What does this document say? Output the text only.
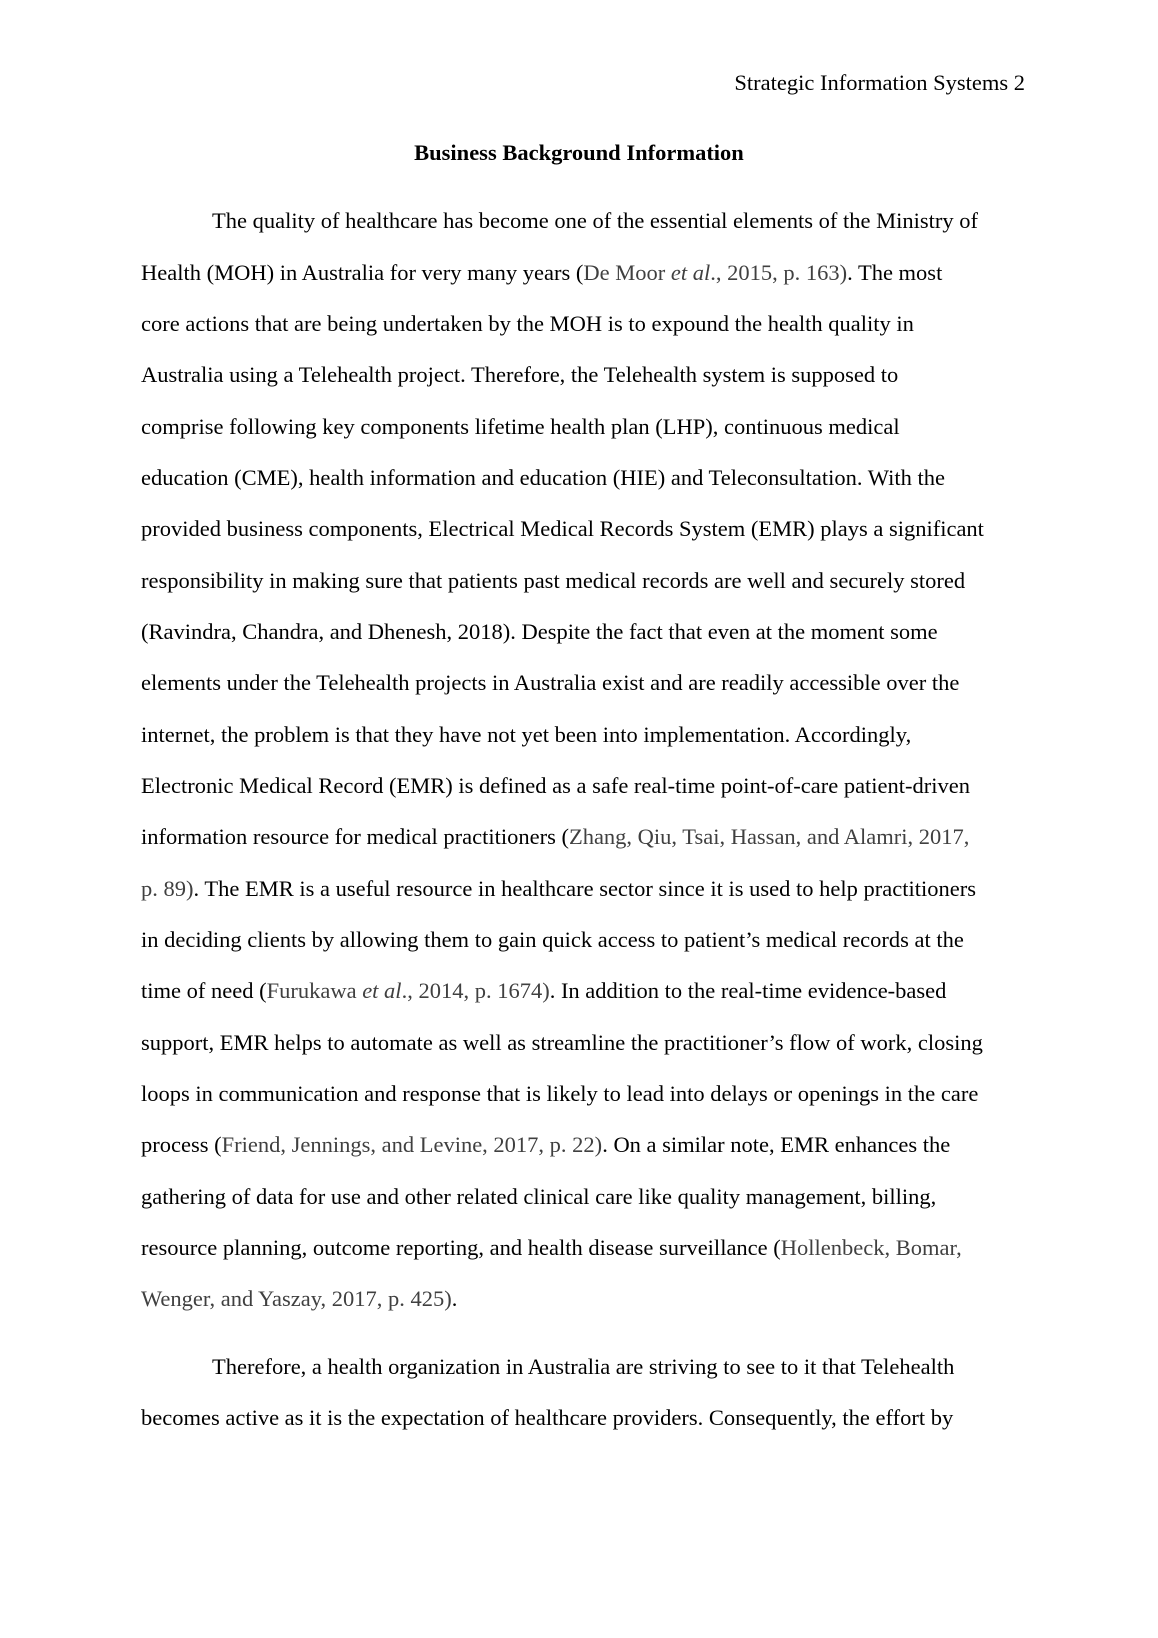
Strategic Information Systems 2
Business Background Information
The quality of healthcare has become one of the essential elements of the Ministry of
Health (MOH) in Australia for very many years (De Moor et al., 2015, p. 163). The most
core actions that are being undertaken by the MOH is to expound the health quality in
Australia using a Telehealth project. Therefore, the Telehealth system is supposed to
comprise following key components lifetime health plan (LHP), continuous medical
education (CME), health information and education (HIE) and Teleconsultation. With the
provided business components, Electrical Medical Records System (EMR) plays a significant
responsibility in making sure that patients past medical records are well and securely stored
(Ravindra, Chandra, and Dhenesh, 2018). Despite the fact that even at the moment some
elements under the Telehealth projects in Australia exist and are readily accessible over the
internet, the problem is that they have not yet been into implementation. Accordingly,
Electronic Medical Record (EMR) is defined as a safe real-time point-of-care patient-driven
information resource for medical practitioners (Zhang, Qiu, Tsai, Hassan, and Alamri, 2017,
p. 89). The EMR is a useful resource in healthcare sector since it is used to help practitioners
in deciding clients by allowing them to gain quick access to patient’s medical records at the
time of need (Furukawa et al., 2014, p. 1674). In addition to the real-time evidence-based
support, EMR helps to automate as well as streamline the practitioner’s flow of work, closing
loops in communication and response that is likely to lead into delays or openings in the care
process (Friend, Jennings, and Levine, 2017, p. 22). On a similar note, EMR enhances the
gathering of data for use and other related clinical care like quality management, billing,
resource planning, outcome reporting, and health disease surveillance (Hollenbeck, Bomar,
Wenger, and Yaszay, 2017, p. 425).
Therefore, a health organization in Australia are striving to see to it that Telehealth
becomes active as it is the expectation of healthcare providers. Consequently, the effort by
